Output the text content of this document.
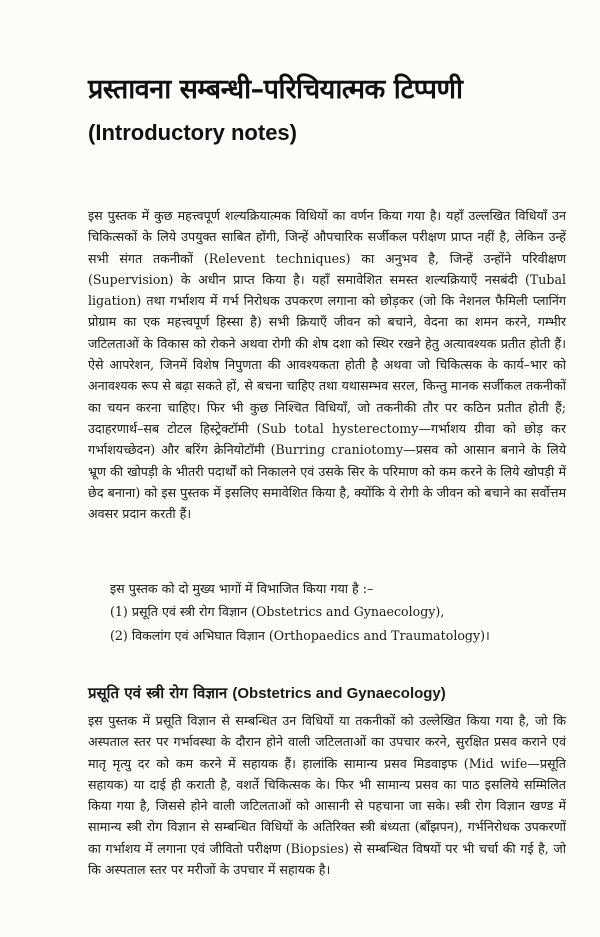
प्रस्तावना सम्बन्धी–परिचियात्मक टिप्पणी
(Introductory notes)

इस पुस्तक में कुछ महत्त्वपूर्ण शल्यक्रियात्मक विधियों का वर्णन किया गया है। यहाँ उल्लखित विधियाँ उन चिकित्सकों के लिये उपयुक्त साबित होंगी, जिन्हें औपचारिक सर्जीकल परीक्षण प्राप्त नहीं है, लेकिन उन्हें सभी संगत तकनीकों (Relevent techniques) का अनुभव है, जिन्हें उन्होंने परिवीक्षण (Supervision) के अधीन प्राप्त किया है। यहाँ समावेशित समस्त शल्यक्रियाएँ नसबंदी (Tubal ligation) तथा गर्भाशय में गर्भ निरोधक उपकरण लगाना को छोड़कर (जो कि नेशनल फैमिली प्लानिंग प्रोग्राम का एक महत्त्वपूर्ण हिस्सा है) सभी क्रियाएँ जीवन को बचाने, वेदना का शमन करने, गम्भीर जटिलताओं के विकास को रोकने अथवा रोगी की शेष दशा को स्थिर रखने हेतु अत्यावश्यक प्रतीत होती हैं। ऐसे आपरेशन, जिनमें विशेष निपुणता की आवश्यकता होती है अथवा जो चिकित्सक के कार्य–भार को अनावश्यक रूप से बढ़ा सकते हों, से बचना चाहिए तथा यथासम्भव सरल, किन्तु मानक सर्जीकल तकनीकों का चयन करना चाहिए। फिर भी कुछ निश्चित विधियाँ, जो तकनीकी तौर पर कठिन प्रतीत होती हैं; उदाहरणार्थ–सब टोटल हिस्ट्रेक्टॉमी (Sub total hysterectomy—गर्भाशय ग्रीवा को छोड़ कर गर्भाशयच्छेदन) और बरिंग क्रेनियोटॉमी (Burring craniotomy—प्रसव को आसान बनाने के लिये भ्रूण की खोपड़ी के भीतरी पदार्थों को निकालने एवं उसके सिर के परिमाण को कम करने के लिये खोपड़ी में छेद बनाना) को इस पुस्तक में इसलिए समावेशित किया है, क्योंकि ये रोगी के जीवन को बचाने का सर्वोत्तम अवसर प्रदान करती हैं।

इस पुस्तक को दो मुख्य भागों में विभाजित किया गया है :–

(1) प्रसूति एवं स्त्री रोग विज्ञान (Obstetrics and Gynaecology),
(2) विकलांग एवं अभिघात विज्ञान (Orthopaedics and Traumatology)।
प्रसूति एवं स्त्री रोग विज्ञान (Obstetrics and Gynaecology)

इस पुस्तक में प्रसूति विज्ञान से सम्बन्धित उन विधियों या तकनीकों को उल्लेखित किया गया है, जो कि अस्पताल स्तर पर गर्भावस्था के दौरान होने वाली जटिलताओं का उपचार करने, सुरक्षित प्रसव कराने एवं मातृ मृत्यु दर को कम करने में सहायक हैं। हालांकि सामान्य प्रसव मिडवाइफ (Mid wife—प्रसूति सहायक) या दाई ही कराती है, वशर्ते चिकित्सक के। फिर भी सामान्य प्रसव का पाठ इसलिये सम्मिलित किया गया है, जिससे होने वाली जटिलताओं को आसानी से पहचाना जा सके। स्त्री रोग विज्ञान खण्ड में सामान्य स्त्री रोग विज्ञान से सम्बन्धित विधियों के अतिरिक्त स्त्री बंध्यता (बाँझपन), गर्भनिरोधक उपकरणों का गर्भाशय में लगाना एवं जीवितो परीक्षण (Biopsies) से सम्बन्धित विषयों पर भी चर्चा की गई है, जो कि अस्पताल स्तर पर मरीजों के उपचार में सहायक है।
